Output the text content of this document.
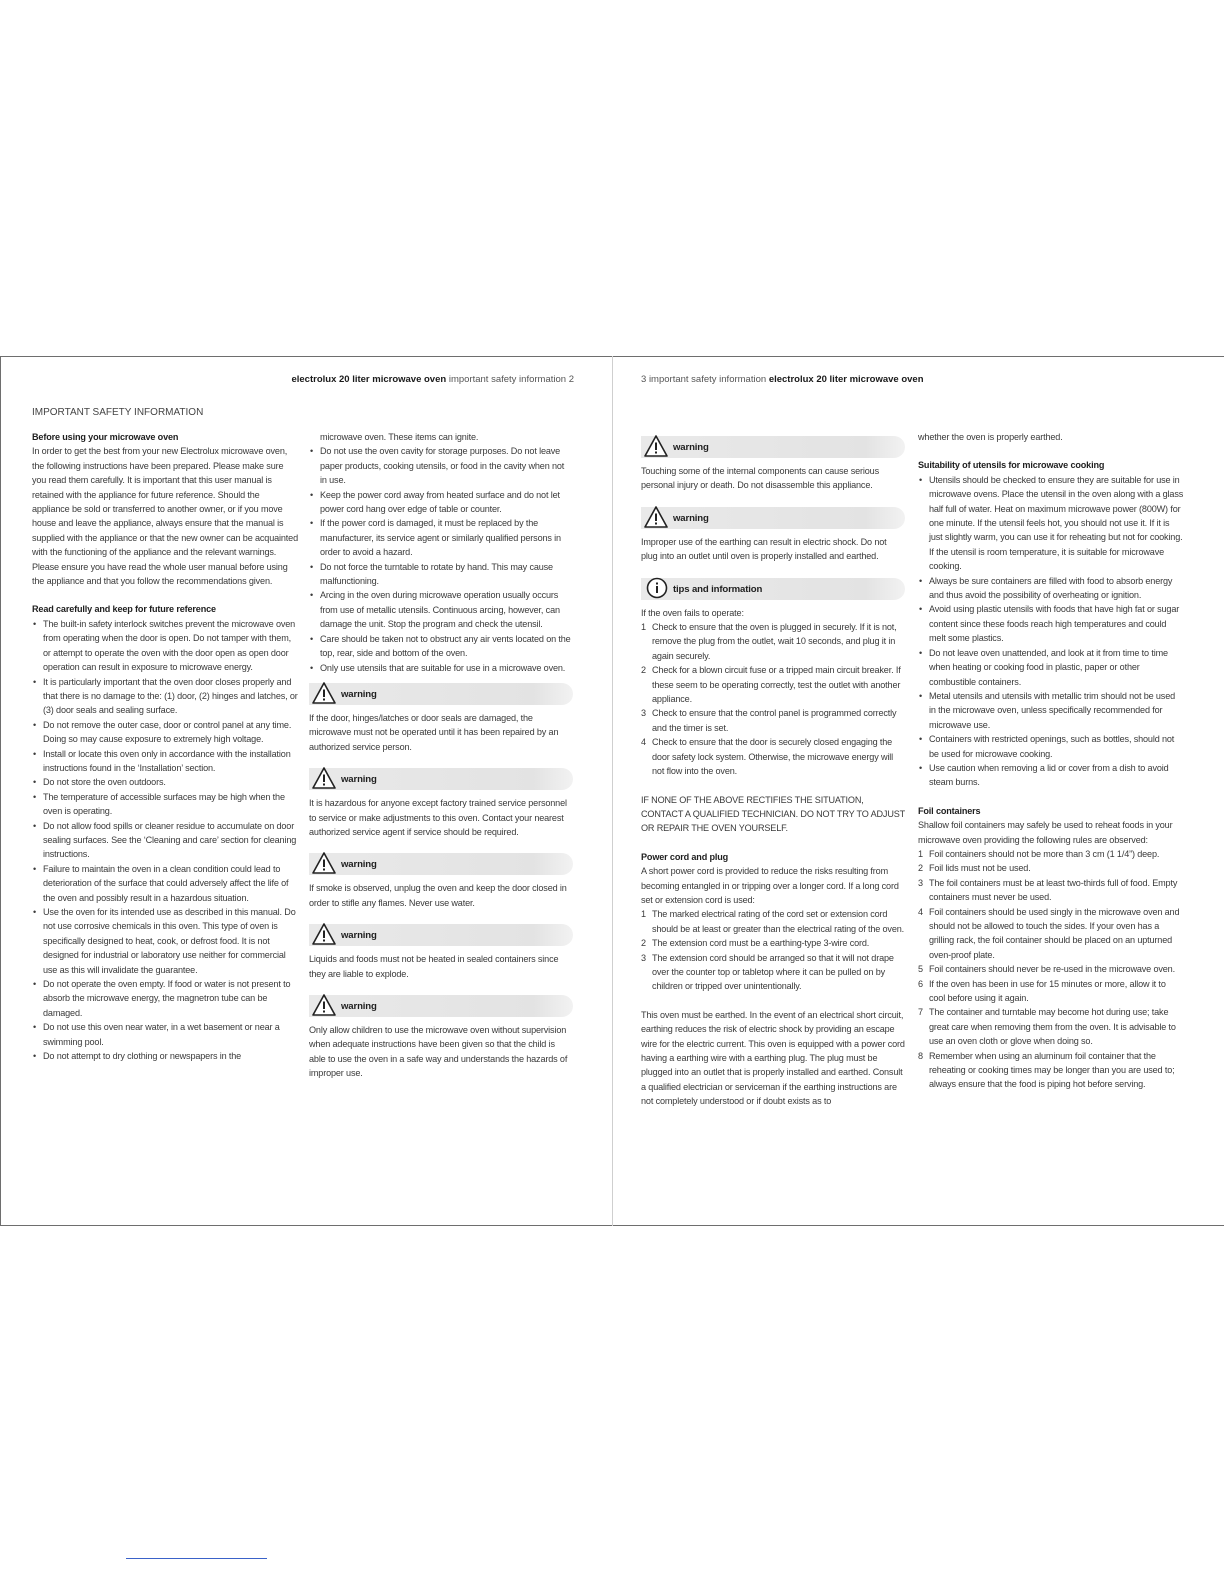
electrolux 20 liter microwave oven important safety information 2	3 important safety information electrolux 20 liter microwave oven
IMPORTANT SAFETY INFORMATION

Before using your microwave oven

In order to get the best from your new Electrolux microwave oven, the following instructions have been prepared. Please make sure you read them carefully. It is important that this user manual is retained with the appliance for future reference. Should the appliance be sold or transferred to another owner, or if you move house and leave the appliance, always ensure that the manual is supplied with the appliance or that the new owner can be acquainted with the functioning of the appliance and the relevant warnings. Please ensure you have read the whole user manual before using the appliance and that you follow the recommendations given.

Read carefully and keep for future reference

• The built-in safety interlock switches prevent the microwave oven from operating when the door is open. Do not tamper with them, or attempt to operate the oven with the door open as open door operation can result in exposure to microwave energy.
• It is particularly important that the oven door closes properly and that there is no damage to the: (1) door, (2) hinges and latches, or (3) door seals and sealing surface.
• Do not remove the outer case, door or control panel at any time. Doing so may cause exposure to extremely high voltage.
• Install or locate this oven only in accordance with the installation instructions found in the ‘Installation’ section.
• Do not store the oven outdoors.
• The temperature of accessible surfaces may be high when the oven is operating.
• Do not allow food spills or cleaner residue to accumulate on door sealing surfaces. See the ‘Cleaning and care’ section for cleaning instructions.
• Failure to maintain the oven in a clean condition could lead to deterioration of the surface that could adversely affect the life of the oven and possibly result in a hazardous situation.
• Use the oven for its intended use as described in this manual. Do not use corrosive chemicals in this oven. This type of oven is specifically designed to heat, cook, or defrost food. It is not designed for industrial or laboratory use neither for commercial use as this will invalidate the guarantee.
• Do not operate the oven empty. If food or water is not present to absorb the microwave energy, the magnetron tube can be damaged.
• Do not use this oven near water, in a wet basement or near a swimming pool.
• Do not attempt to dry clothing or newspapers in the

microwave oven. These items can ignite.

• Do not use the oven cavity for storage purposes. Do not leave paper products, cooking utensils, or food in the cavity when not in use.
• Keep the power cord away from heated surface and do not let power cord hang over edge of table or counter.
• If the power cord is damaged, it must be replaced by the manufacturer, its service agent or similarly qualified persons in order to avoid a hazard.
• Do not force the turntable to rotate by hand. This may cause malfunctioning.
• Arcing in the oven during microwave operation usually occurs from use of metallic utensils. Continuous arcing, however, can damage the unit. Stop the program and check the utensil.
• Care should be taken not to obstruct any air vents located on the top, rear, side and bottom of the oven.
• Only use utensils that are suitable for use in a microwave oven.
warning

If the door, hinges/latches or door seals are damaged, the microwave must not be operated until it has been repaired by an authorized service person.

warning

It is hazardous for anyone except factory trained service personnel to service or make adjustments to this oven. Contact your nearest authorized service agent if service should be required.

warning

If smoke is observed, unplug the oven and keep the door closed in order to stifle any flames. Never use water.

warning

Liquids and foods must not be heated in sealed containers since they are liable to explode.

warning

Only allow children to use the microwave oven without supervision when adequate instructions have been given so that the child is able to use the oven in a safe way and understands the hazards of improper use.

warning

Touching some of the internal components can cause serious personal injury or death. Do not disassemble this appliance.

warning

Improper use of the earthing can result in electric shock. Do not plug into an outlet until oven is properly installed and earthed.

tips and information

If the oven fails to operate:

1 Check to ensure that the oven is plugged in securely. If it is not, remove the plug from the outlet, wait 10 seconds, and plug it in again securely.
2 Check for a blown circuit fuse or a tripped main circuit breaker. If these seem to be operating correctly, test the outlet with another appliance.
3 Check to ensure that the control panel is programmed correctly and the timer is set.
4 Check to ensure that the door is securely closed engaging the door safety lock system. Otherwise, the microwave energy will not flow into the oven.

IF NONE OF THE ABOVE RECTIFIES THE SITUATION, CONTACT A QUALIFIED TECHNICIAN. DO NOT TRY TO ADJUST OR REPAIR THE OVEN YOURSELF.

Power cord and plug

A short power cord is provided to reduce the risks resulting from becoming entangled in or tripping over a longer cord. If a long cord set or extension cord is used:

1 The marked electrical rating of the cord set or extension cord should be at least or greater than the electrical rating of the oven.
2 The extension cord must be a earthing-type 3-wire cord.
3 The extension cord should be arranged so that it will not drape over the counter top or tabletop where it can be pulled on by children or tripped over unintentionally.

This oven must be earthed. In the event of an electrical short circuit, earthing reduces the risk of electric shock by providing an escape wire for the electric current. This oven is equipped with a power cord having a earthing wire with a earthing plug. The plug must be plugged into an outlet that is properly installed and earthed. Consult a qualified electrician or serviceman if the earthing instructions are not completely understood or if doubt exists as to

whether the oven is properly earthed.

Suitability of utensils for microwave cooking

• Utensils should be checked to ensure they are suitable for use in microwave ovens. Place the utensil in the oven along with a glass half full of water. Heat on maximum microwave power (800W) for one minute. If the utensil feels hot, you should not use it. If it is just slightly warm, you can use it for reheating but not for cooking. If the utensil is room temperature, it is suitable for microwave cooking.
• Always be sure containers are filled with food to absorb energy and thus avoid the possibility of overheating or ignition.
• Avoid using plastic utensils with foods that have high fat or sugar content since these foods reach high temperatures and could melt some plastics.
• Do not leave oven unattended, and look at it from time to time when heating or cooking food in plastic, paper or other combustible containers.
• Metal utensils and utensils with metallic trim should not be used in the microwave oven, unless specifically recommended for microwave use.
• Containers with restricted openings, such as bottles, should not be used for microwave cooking.
• Use caution when removing a lid or cover from a dish to avoid steam burns.

Foil containers

Shallow foil containers may safely be used to reheat foods in your microwave oven providing the following rules are observed:

1 Foil containers should not be more than 3 cm (1 1/4”) deep.
2 Foil lids must not be used.
3 The foil containers must be at least two-thirds full of food. Empty containers must never be used.
4 Foil containers should be used singly in the microwave oven and should not be allowed to touch the sides. If your oven has a grilling rack, the foil container should be placed on an upturned oven-proof plate.
5 Foil containers should never be re-used in the microwave oven.
6 If the oven has been in use for 15 minutes or more, allow it to cool before using it again.
7 The container and turntable may become hot during use; take great care when removing them from the oven. It is advisable to use an oven cloth or glove when doing so.
8 Remember when using an aluminum foil container that the reheating or cooking times may be longer than you are used to; always ensure that the food is piping hot before serving.
